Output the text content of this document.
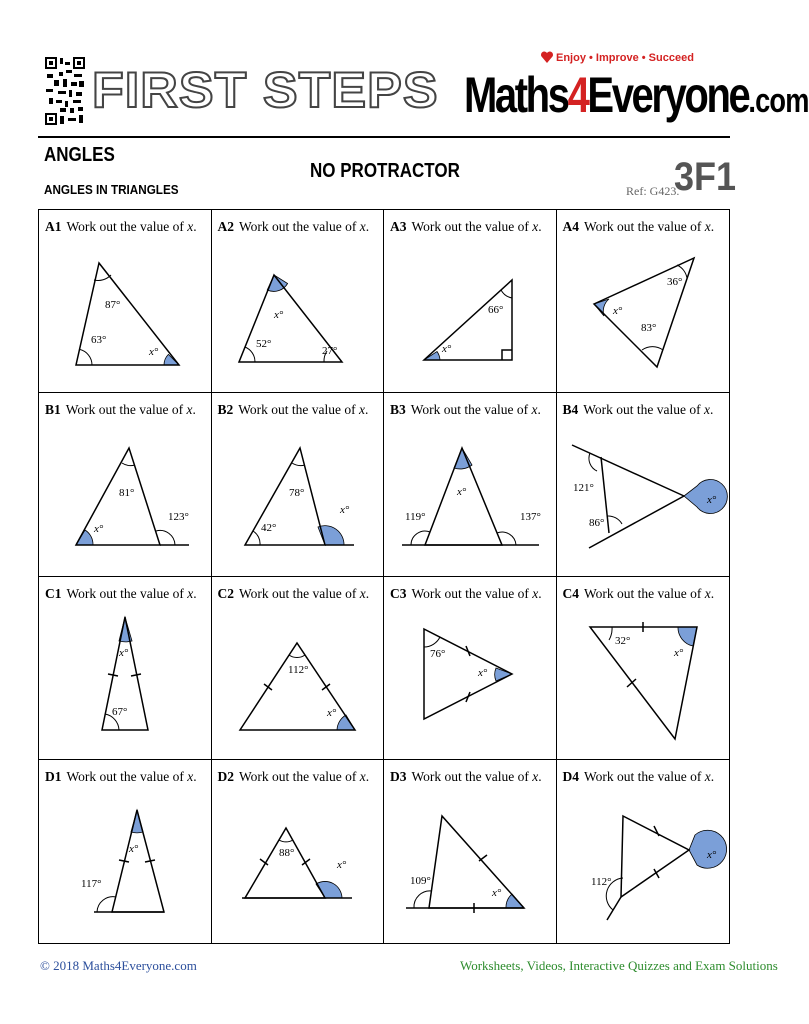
FIRST STEPS
Enjoy • Improve • Succeed
Maths4Everyone.com
ANGLES
ANGLES IN TRIANGLES
NO PROTRACTOR
Ref: G423.
3F1
A1 Work out the value of x.
87°
63°
x°
A2 Work out the value of x.
x°
52°
27°
A3 Work out the value of x.
66°
x°
A4 Work out the value of x.
36°
x°
83°
B1 Work out the value of x.
81°
x°
123°
B2 Work out the value of x.
78°
42°
x°
B3 Work out the value of x.
x°
119°	137°
B4 Work out the value of x.
121°
86°
x°
C1 Work out the value of x.
x°
67°
C2 Work out the value of x.
112°
x°
C3 Work out the value of x.
76°
x°
C4 Work out the value of x.
32°
x°
D1 Work out the value of x.
x°
117°
D2 Work out the value of x.
88°
x°
D3 Work out the value of x.
109°
x°
D4 Work out the value of x.
112°
x°
© 2018 Maths4Everyone.com	Worksheets, Videos, Interactive Quizzes and Exam Solutions
